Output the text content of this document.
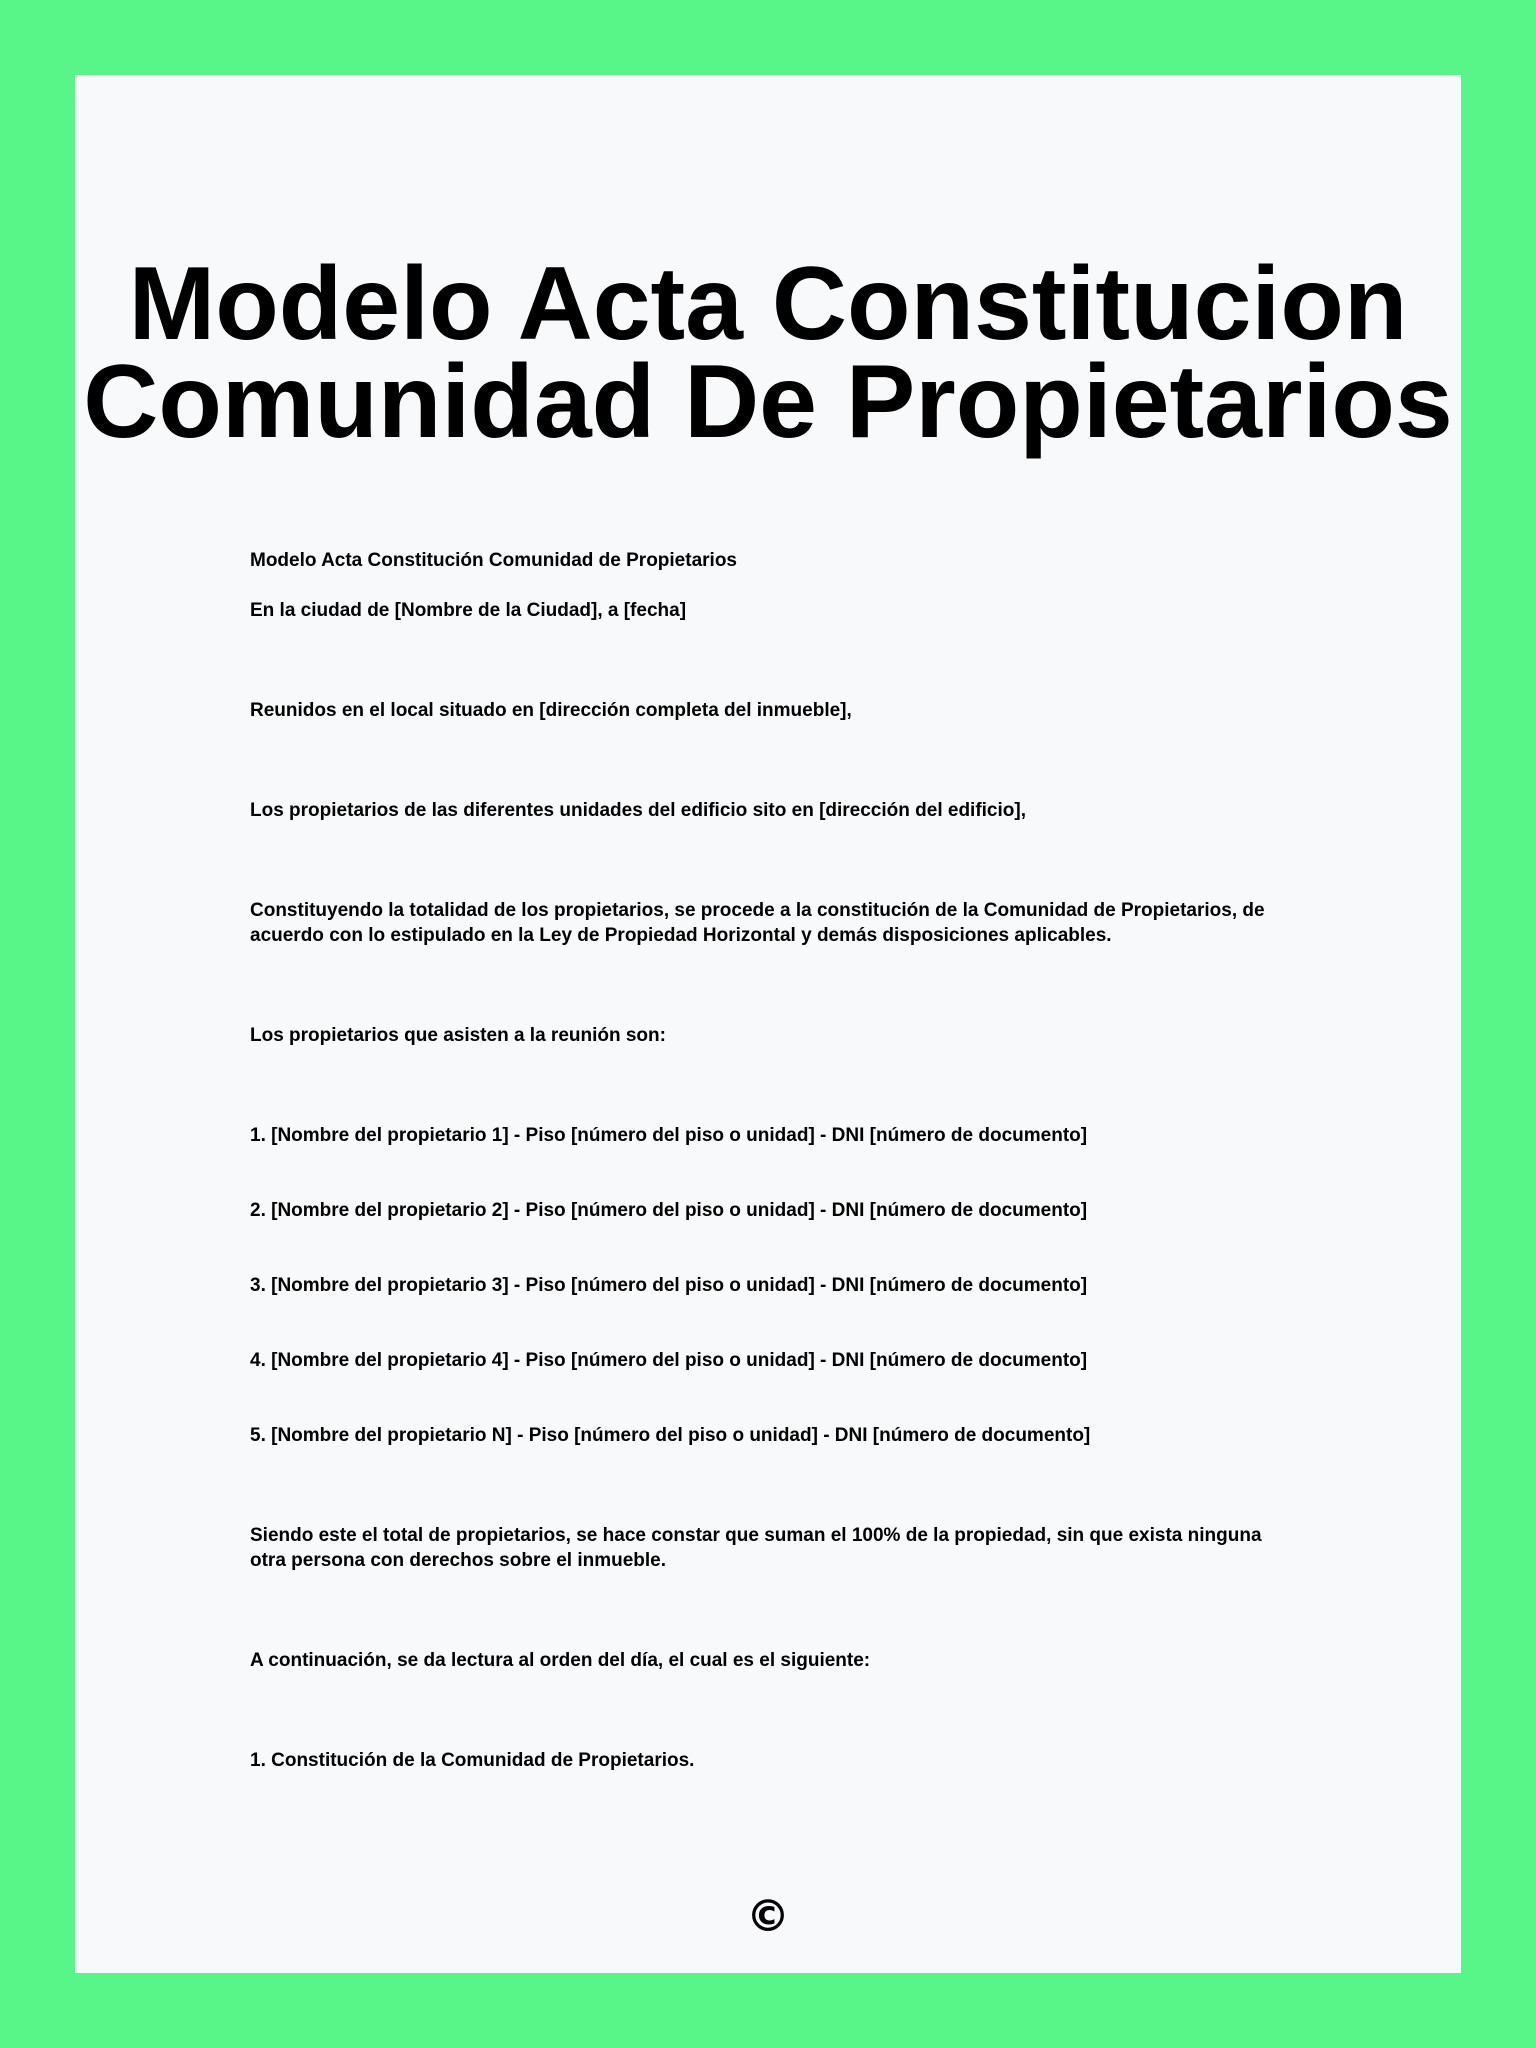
Modelo Acta Constitucion Comunidad De Propietarios

Modelo Acta Constitución Comunidad de Propietarios

En la ciudad de [Nombre de la Ciudad], a [fecha]

Reunidos en el local situado en [dirección completa del inmueble],

Los propietarios de las diferentes unidades del edificio sito en [dirección del edificio],

Constituyendo la totalidad de los propietarios, se procede a la constitución de la Comunidad de Propietarios, de acuerdo con lo estipulado en la Ley de Propiedad Horizontal y demás disposiciones aplicables.

Los propietarios que asisten a la reunión son:

1. [Nombre del propietario 1] - Piso [número del piso o unidad] - DNI [número de documento]

2. [Nombre del propietario 2] - Piso [número del piso o unidad] - DNI [número de documento]

3. [Nombre del propietario 3] - Piso [número del piso o unidad] - DNI [número de documento]

4. [Nombre del propietario 4] - Piso [número del piso o unidad] - DNI [número de documento]

5. [Nombre del propietario N] - Piso [número del piso o unidad] - DNI [número de documento]

Siendo este el total de propietarios, se hace constar que suman el 100% de la propiedad, sin que exista ninguna otra persona con derechos sobre el inmueble.

A continuación, se da lectura al orden del día, el cual es el siguiente:

1. Constitución de la Comunidad de Propietarios.

©
